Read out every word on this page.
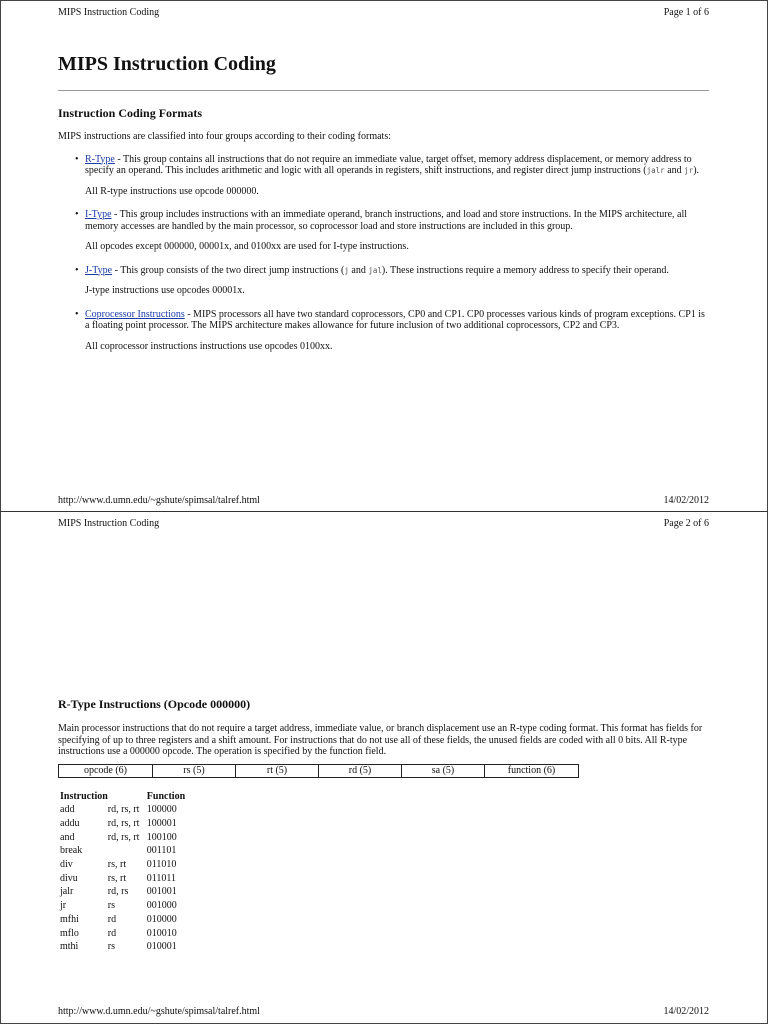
MIPS Instruction Coding	Page 1 of 6
MIPS Instruction Coding
Instruction Coding Formats

MIPS instructions are classified into four groups according to their coding formats:

• R-Type - This group contains all instructions that do not require an immediate value, target offset, memory address displacement, or memory address to specify an operand. This includes arithmetic and logic with all operands in registers, shift instructions, and register direct jump instructions (jalr and jr).
All R-type instructions use opcode 000000.
• I-Type - This group includes instructions with an immediate operand, branch instructions, and load and store instructions. In the MIPS architecture, all memory accesses are handled by the main processor, so coprocessor load and store instructions are included in this group.
All opcodes except 000000, 00001x, and 0100xx are used for I-type instructions.
• J-Type - This group consists of the two direct jump instructions (j and jal). These instructions require a memory address to specify their operand.
J-type instructions use opcodes 00001x.
• Coprocessor Instructions - MIPS processors all have two standard coprocessors, CP0 and CP1. CP0 processes various kinds of program exceptions. CP1 is a floating point processor. The MIPS architecture makes allowance for future inclusion of two additional coprocessors, CP2 and CP3.
All coprocessor instructions instructions use opcodes 0100xx.
http://www.d.umn.edu/~gshute/spimsal/talref.html	14/02/2012
MIPS Instruction Coding	Page 2 of 6
R-Type Instructions (Opcode 000000)

Main processor instructions that do not require a target address, immediate value, or branch displacement use an R-type coding format. This format has fields for specifying of up to three registers and a shift amount. For instructions that do not use all of these fields, the unused fields are coded with all 0 bits. All R-type instructions use a 000000 opcode. The operation is specified by the function field.

opcode (6)	rs (5)	rt (5)	rd (5)	sa (5)	function (6)
Instruction		Function
add	rd, rs, rt	100000
addu	rd, rs, rt	100001
and	rd, rs, rt	100100
break		001101
div	rs, rt	011010
divu	rs, rt	011011
jalr	rd, rs	001001
jr	rs	001000
mfhi	rd	010000
mflo	rd	010010
mthi	rs	010001
http://www.d.umn.edu/~gshute/spimsal/talref.html	14/02/2012
